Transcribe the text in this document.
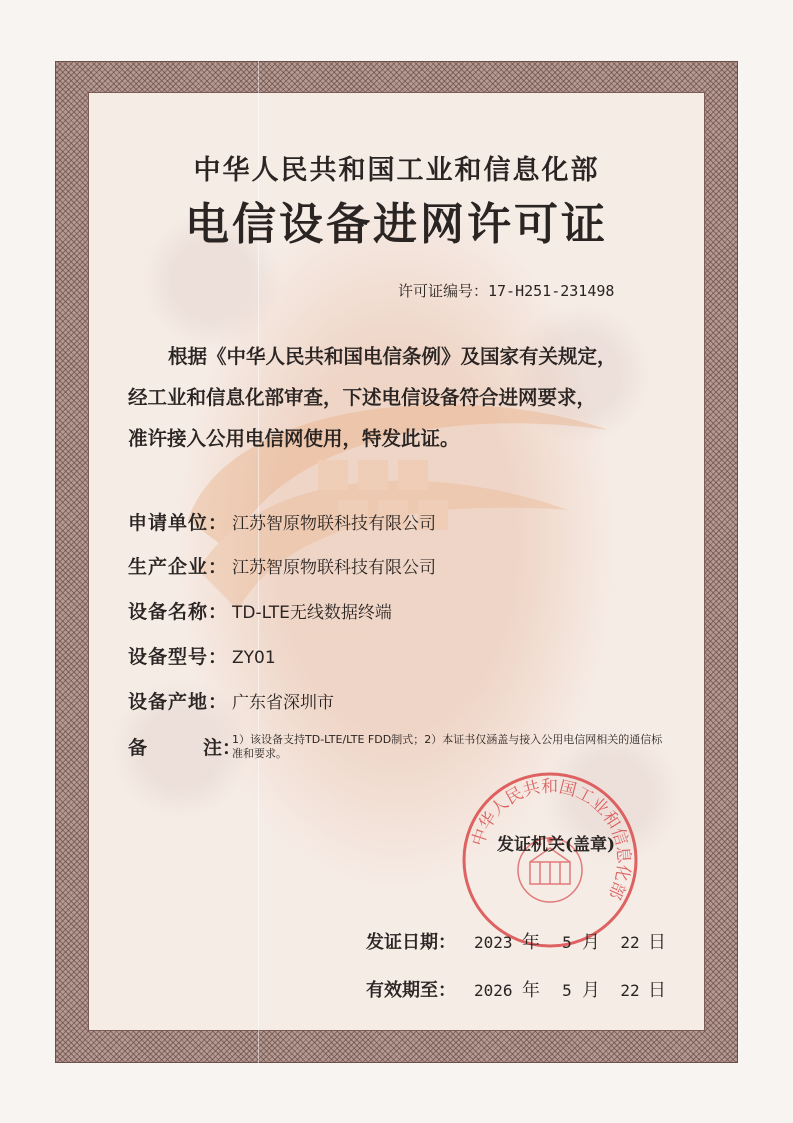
中华人民共和国工业和信息化部
电信设备进网许可证
许可证编号：17-H251-231498

根据《中华人民共和国电信条例》及国家有关规定，

经工业和信息化部审查，下述电信设备符合进网要求，

准许接入公用电信网使用，特发此证。

申请单位： 江苏智原物联科技有限公司
生产企业： 江苏智原物联科技有限公司
设备名称： TD-LTE无线数据终端
设备型号： ZY01
设备产地： 广东省深圳市
备	注：
1）该设备支持TD-LTE/LTE FDD制式；2）本证书仅涵盖与接入公用电信网相关的通信标准和要求。
中华人民共和国工业和信息化部
发证机关(盖章)
发证日期： 2023 年 5 月 22 日
有效期至： 2026 年 5 月 22 日
